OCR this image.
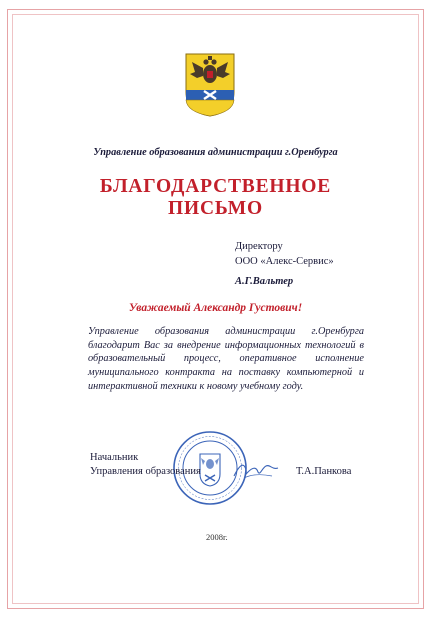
Управление образования администрации г.Оренбурга
БЛАГОДАРСТВЕННОЕ
ПИСЬМО
Директору
ООО «Алекс-Сервис»
А.Г.Вальтер
Уважаемый Александр Густович!
Управление образования администрации г.Оренбурга благодарит Вас за внедрение информационных технологий в образовательный процесс, оперативное исполнение муниципального контракта на поставку компьютерной и интерактивной техники к новому учебному году.
Начальник
Управления образования	Т.А.Панкова
2008г.
